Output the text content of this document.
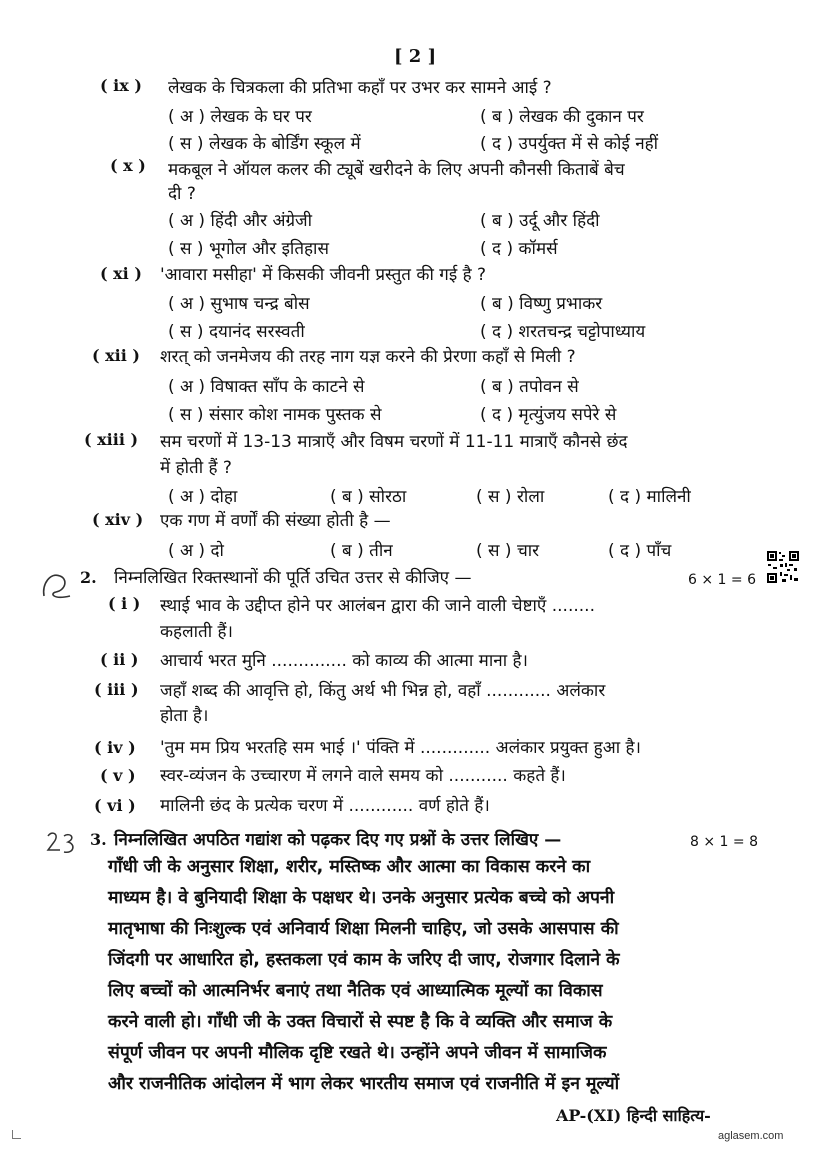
[ 2 ]
( ix ) लेखक के चित्रकला की प्रतिभा कहाँ पर उभर कर सामने आई ?
( अ ) लेखक के घर पर	( ब ) लेखक की दुकान पर
( स ) लेखक के बोर्डिंग स्कूल में	( द ) उपर्युक्त में से कोई नहीं
( x ) मकबूल ने ऑयल कलर की ट्यूबें खरीदने के लिए अपनी कौनसी किताबें बेच
दी ?
( अ ) हिंदी और अंग्रेजी	( ब ) उर्दू और हिंदी
( स ) भूगोल और इतिहास	( द ) कॉमर्स
( xi ) 'आवारा मसीहा' में किसकी जीवनी प्रस्तुत की गई है ?
( अ ) सुभाष चन्द्र बोस	( ब ) विष्णु प्रभाकर
( स ) दयानंद सरस्वती	( द ) शरतचन्द्र चट्टोपाध्याय
( xii ) शरत् को जनमेजय की तरह नाग यज्ञ करने की प्रेरणा कहाँ से मिली ?
( अ ) विषाक्त साँप के काटने से	( ब ) तपोवन से
( स ) संसार कोश नामक पुस्तक से	( द ) मृत्युंजय सपेरे से
( xiii ) सम चरणों में 13-13 मात्राएँ और विषम चरणों में 11-11 मात्राएँ कौनसे छंद
में होती हैं ?
( अ ) दोहा	( ब ) सोरठा	( स ) रोला	( द ) मालिनी
( xiv ) एक गण में वर्णों की संख्या होती है —
( अ ) दो	( ब ) तीन	( स ) चार	( द ) पाँच
2. निम्नलिखित रिक्तस्थानों की पूर्ति उचित उत्तर से कीजिए —	6 × 1 = 6
( i ) स्थाई भाव के उद्दीप्त होने पर आलंबन द्वारा की जाने वाली चेष्टाएँ ........
कहलाती हैं।
( ii ) आचार्य भरत मुनि .............. को काव्य की आत्मा माना है।
( iii ) जहाँ शब्द की आवृत्ति हो, किंतु अर्थ भी भिन्न हो, वहाँ ............ अलंकार
होता है।
( iv ) 'तुम मम प्रिय भरतहि सम भाई ।' पंक्ति में ............. अलंकार प्रयुक्त हुआ है।
( v ) स्वर-व्यंजन के उच्चारण में लगने वाले समय को ........... कहते हैं।
( vi ) मालिनी छंद के प्रत्येक चरण में ............ वर्ण होते हैं।
3. निम्नलिखित अपठित गद्यांश को पढ़कर दिए गए प्रश्नों के उत्तर लिखिए —	8 × 1 = 8
गाँधी जी के अनुसार शिक्षा, शरीर, मस्तिष्क और आत्मा का विकास करने का
माध्यम है। वे बुनियादी शिक्षा के पक्षधर थे। उनके अनुसार प्रत्येक बच्चे को अपनी
मातृभाषा की निःशुल्क एवं अनिवार्य शिक्षा मिलनी चाहिए, जो उसके आसपास की
जिंदगी पर आधारित हो, हस्तकला एवं काम के जरिए दी जाए, रोजगार दिलाने के
लिए बच्चों को आत्मनिर्भर बनाएं तथा नैतिक एवं आध्यात्मिक मूल्यों का विकास
करने वाली हो। गाँधी जी के उक्त विचारों से स्पष्ट है कि वे व्यक्ति और समाज के
संपूर्ण जीवन पर अपनी मौलिक दृष्टि रखते थे। उन्होंने अपने जीवन में सामाजिक
और राजनीतिक आंदोलन में भाग लेकर भारतीय समाज एवं राजनीति में इन मूल्यों
AP-(XI) हिन्दी साहित्य-
aglasem.com
